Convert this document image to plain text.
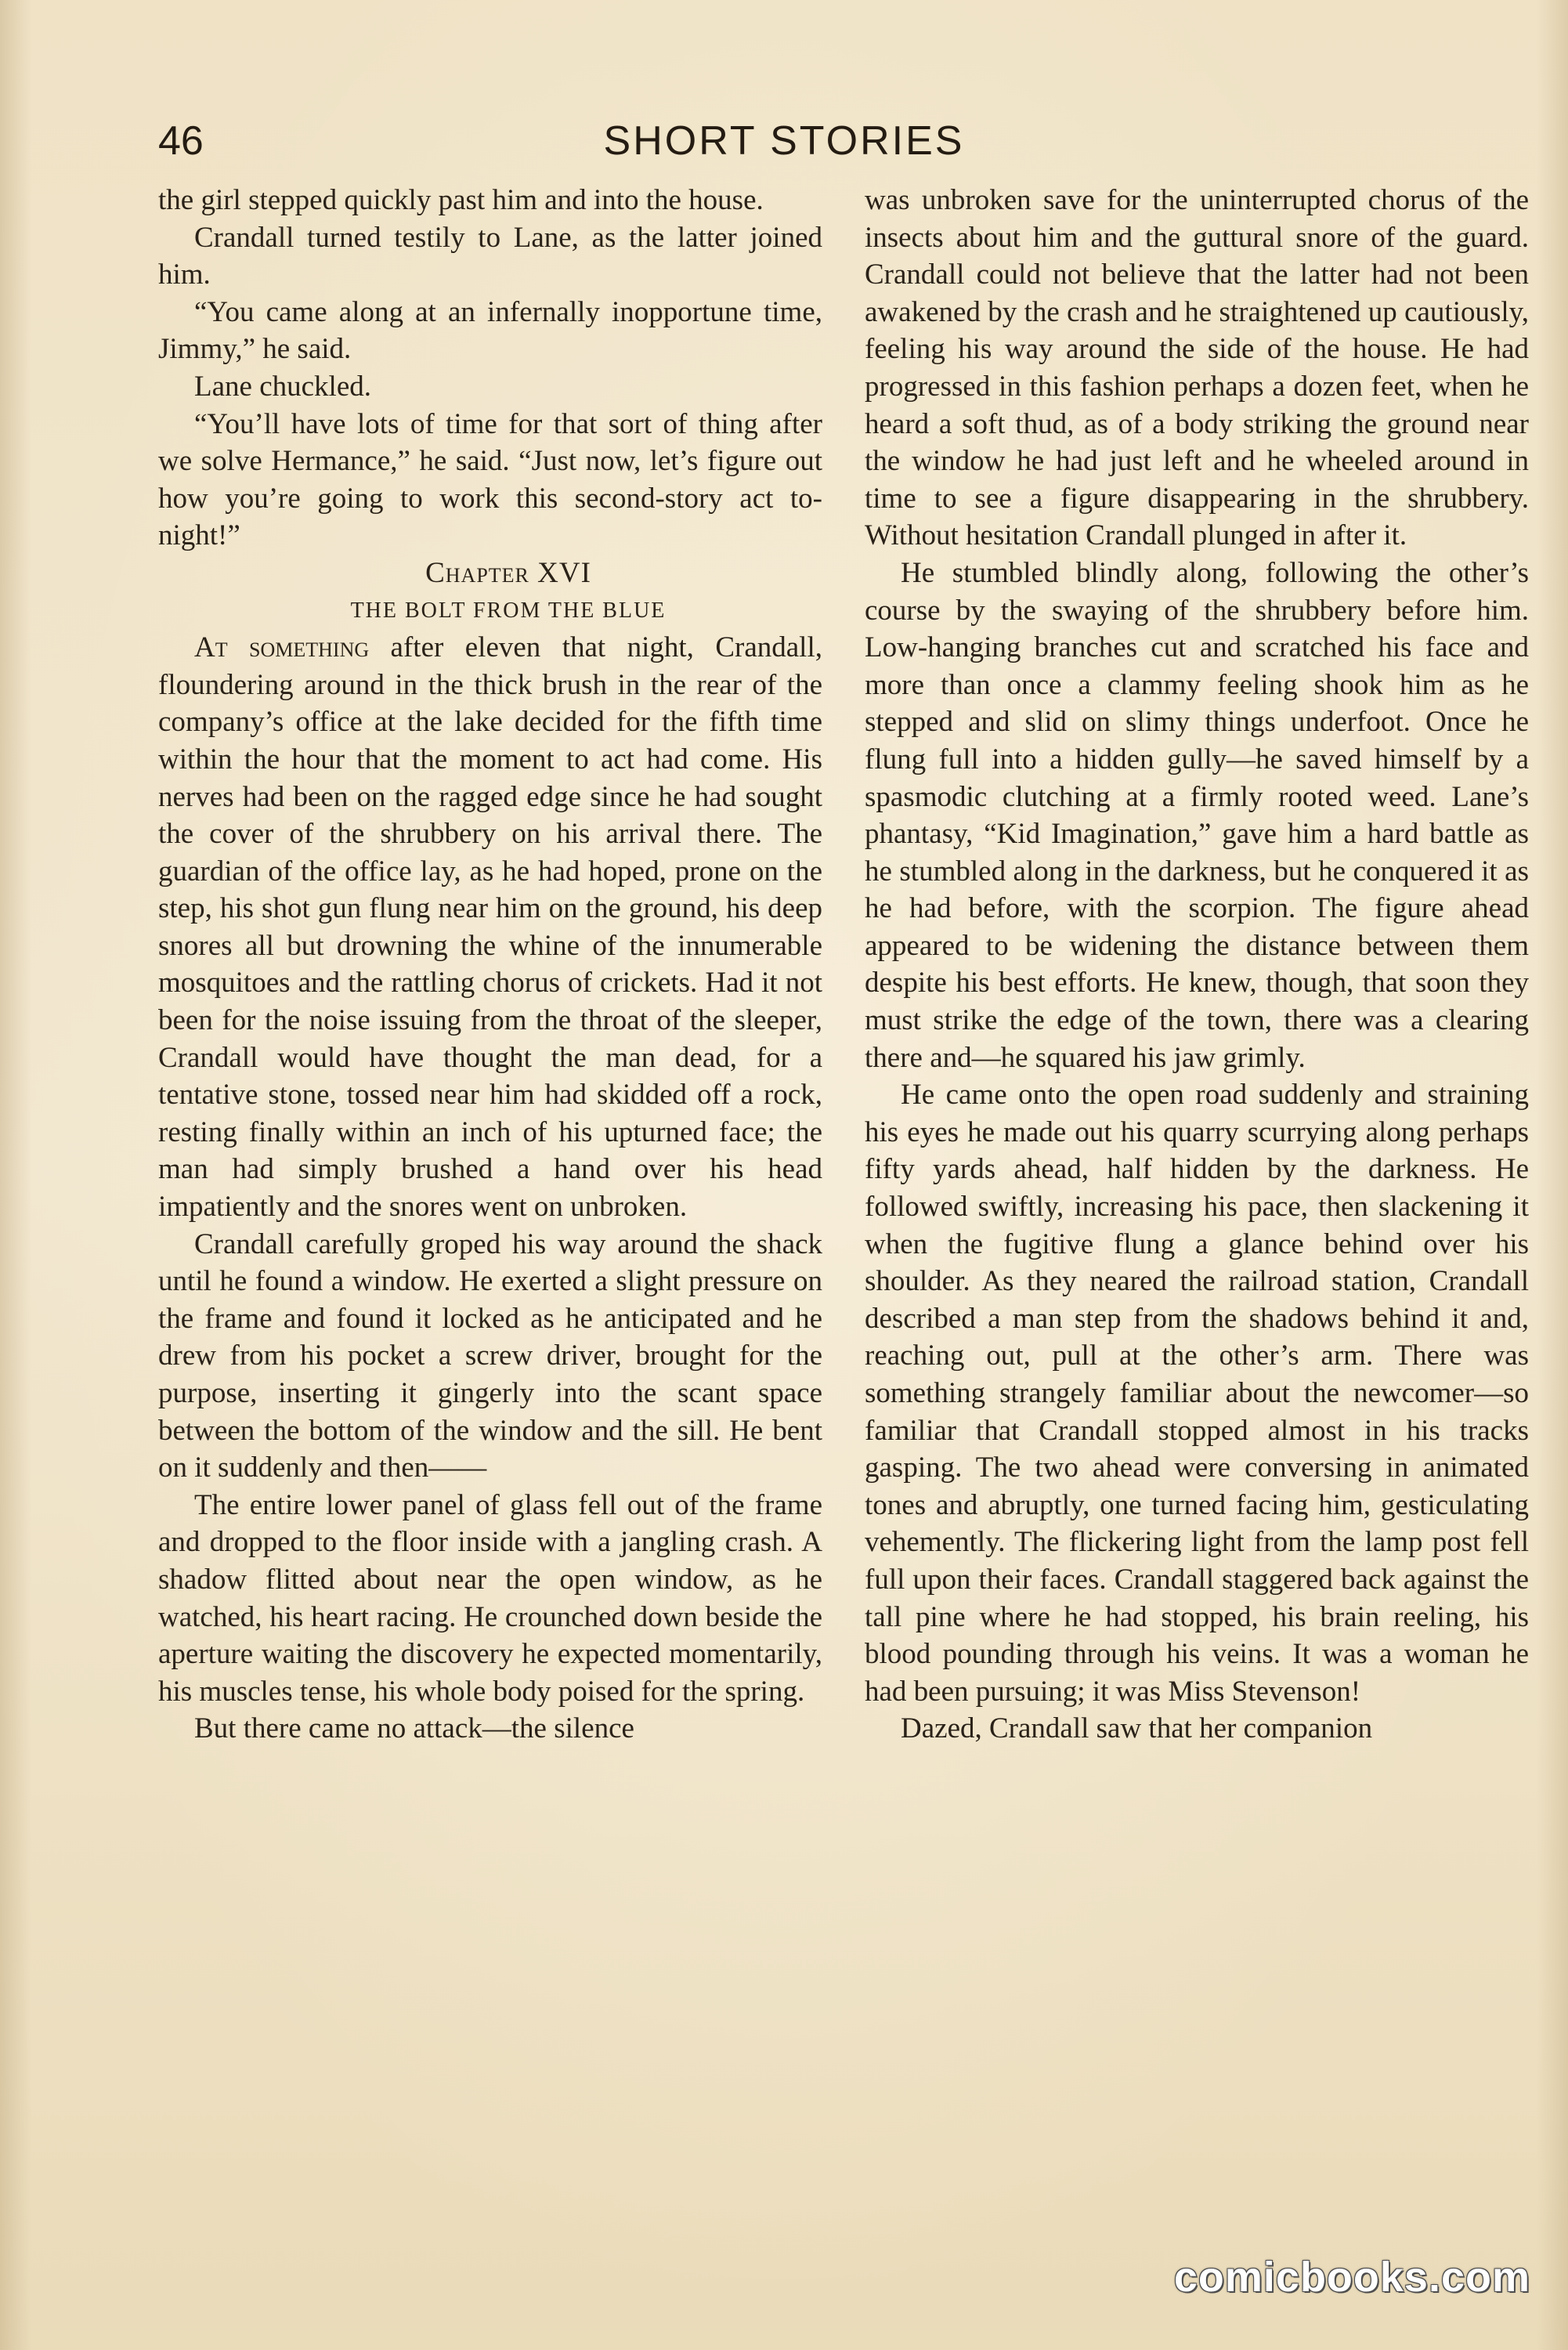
46	SHORT STORIES

the girl stepped quickly past him and into the house.

Crandall turned testily to Lane, as the latter joined him.

“You came along at an infernally inopportune time, Jimmy,” he said.

Lane chuckled.

“You’ll have lots of time for that sort of thing after we solve Hermance,” he said. “Just now, let’s figure out how you’re going to work this second-story act to-night!”

Chapter XVI

THE BOLT FROM THE BLUE

At something after eleven that night, Crandall, floundering around in the thick brush in the rear of the company’s office at the lake decided for the fifth time within the hour that the moment to act had come. His nerves had been on the ragged edge since he had sought the cover of the shrubbery on his arrival there. The guardian of the office lay, as he had hoped, prone on the step, his shot gun flung near him on the ground, his deep snores all but drowning the whine of the innumerable mosquitoes and the rattling chorus of crickets. Had it not been for the noise issuing from the throat of the sleeper, Crandall would have thought the man dead, for a tentative stone, tossed near him had skidded off a rock, resting finally within an inch of his upturned face; the man had simply brushed a hand over his head impatiently and the snores went on unbroken.

Crandall carefully groped his way around the shack until he found a window. He exerted a slight pressure on the frame and found it locked as he anticipated and he drew from his pocket a screw driver, brought for the purpose, inserting it gingerly into the scant space between the bottom of the window and the sill. He bent on it suddenly and then——

The entire lower panel of glass fell out of the frame and dropped to the floor inside with a jangling crash. A shadow flitted about near the open window, as he watched, his heart racing. He crounched down beside the aperture waiting the discovery he expected momentarily, his muscles tense, his whole body poised for the spring.

But there came no attack—the silence

was unbroken save for the uninterrupted chorus of the insects about him and the guttural snore of the guard. Crandall could not believe that the latter had not been awakened by the crash and he straightened up cautiously, feeling his way around the side of the house. He had progressed in this fashion perhaps a dozen feet, when he heard a soft thud, as of a body striking the ground near the window he had just left and he wheeled around in time to see a figure disappearing in the shrubbery. Without hesitation Crandall plunged in after it.

He stumbled blindly along, following the other’s course by the swaying of the shrubbery before him. Low-hanging branches cut and scratched his face and more than once a clammy feeling shook him as he stepped and slid on slimy things underfoot. Once he flung full into a hidden gully—he saved himself by a spasmodic clutching at a firmly rooted weed. Lane’s phantasy, “Kid Imagination,” gave him a hard battle as he stumbled along in the darkness, but he conquered it as he had before, with the scorpion. The figure ahead appeared to be widening the distance between them despite his best efforts. He knew, though, that soon they must strike the edge of the town, there was a clearing there and—he squared his jaw grimly.

He came onto the open road suddenly and straining his eyes he made out his quarry scurrying along perhaps fifty yards ahead, half hidden by the darkness. He followed swiftly, increasing his pace, then slackening it when the fugitive flung a glance behind over his shoulder. As they neared the railroad station, Crandall described a man step from the shadows behind it and, reaching out, pull at the other’s arm. There was something strangely familiar about the newcomer—so familiar that Crandall stopped almost in his tracks gasping. The two ahead were conversing in animated tones and abruptly, one turned facing him, gesticulating vehemently. The flickering light from the lamp post fell full upon their faces. Crandall staggered back against the tall pine where he had stopped, his brain reeling, his blood pounding through his veins. It was a woman he had been pursuing; it was Miss Stevenson!

Dazed, Crandall saw that her companion

comicbooks.com
